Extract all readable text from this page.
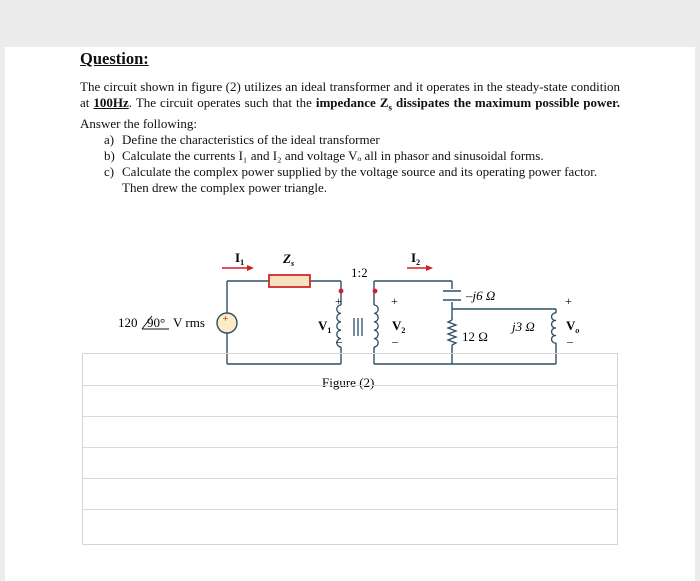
Question:
The circuit shown in figure (2) utilizes an ideal transformer and it operates in the steady-state condition at 100Hz. The circuit operates such that the impedance $Z_s$ dissipates the maximum possible power. Answer the following:
a) Define the characteristics of the ideal transformer
b) Calculate the currents I₁ and I₂ and voltage Vₒ all in phasor and sinusoidal forms.
c) Calculate the complex power supplied by the voltage source and its operating power factor.
Then drew the complex power triangle.
+
$I_1$	$Z_s$
1:2
$I_2$
120 90° V rms
+
$V_1$
–
+
$V_2$
–
–j6 Ω
12 Ω
j3 Ω
+
$V_o$
–
Figure (2)
